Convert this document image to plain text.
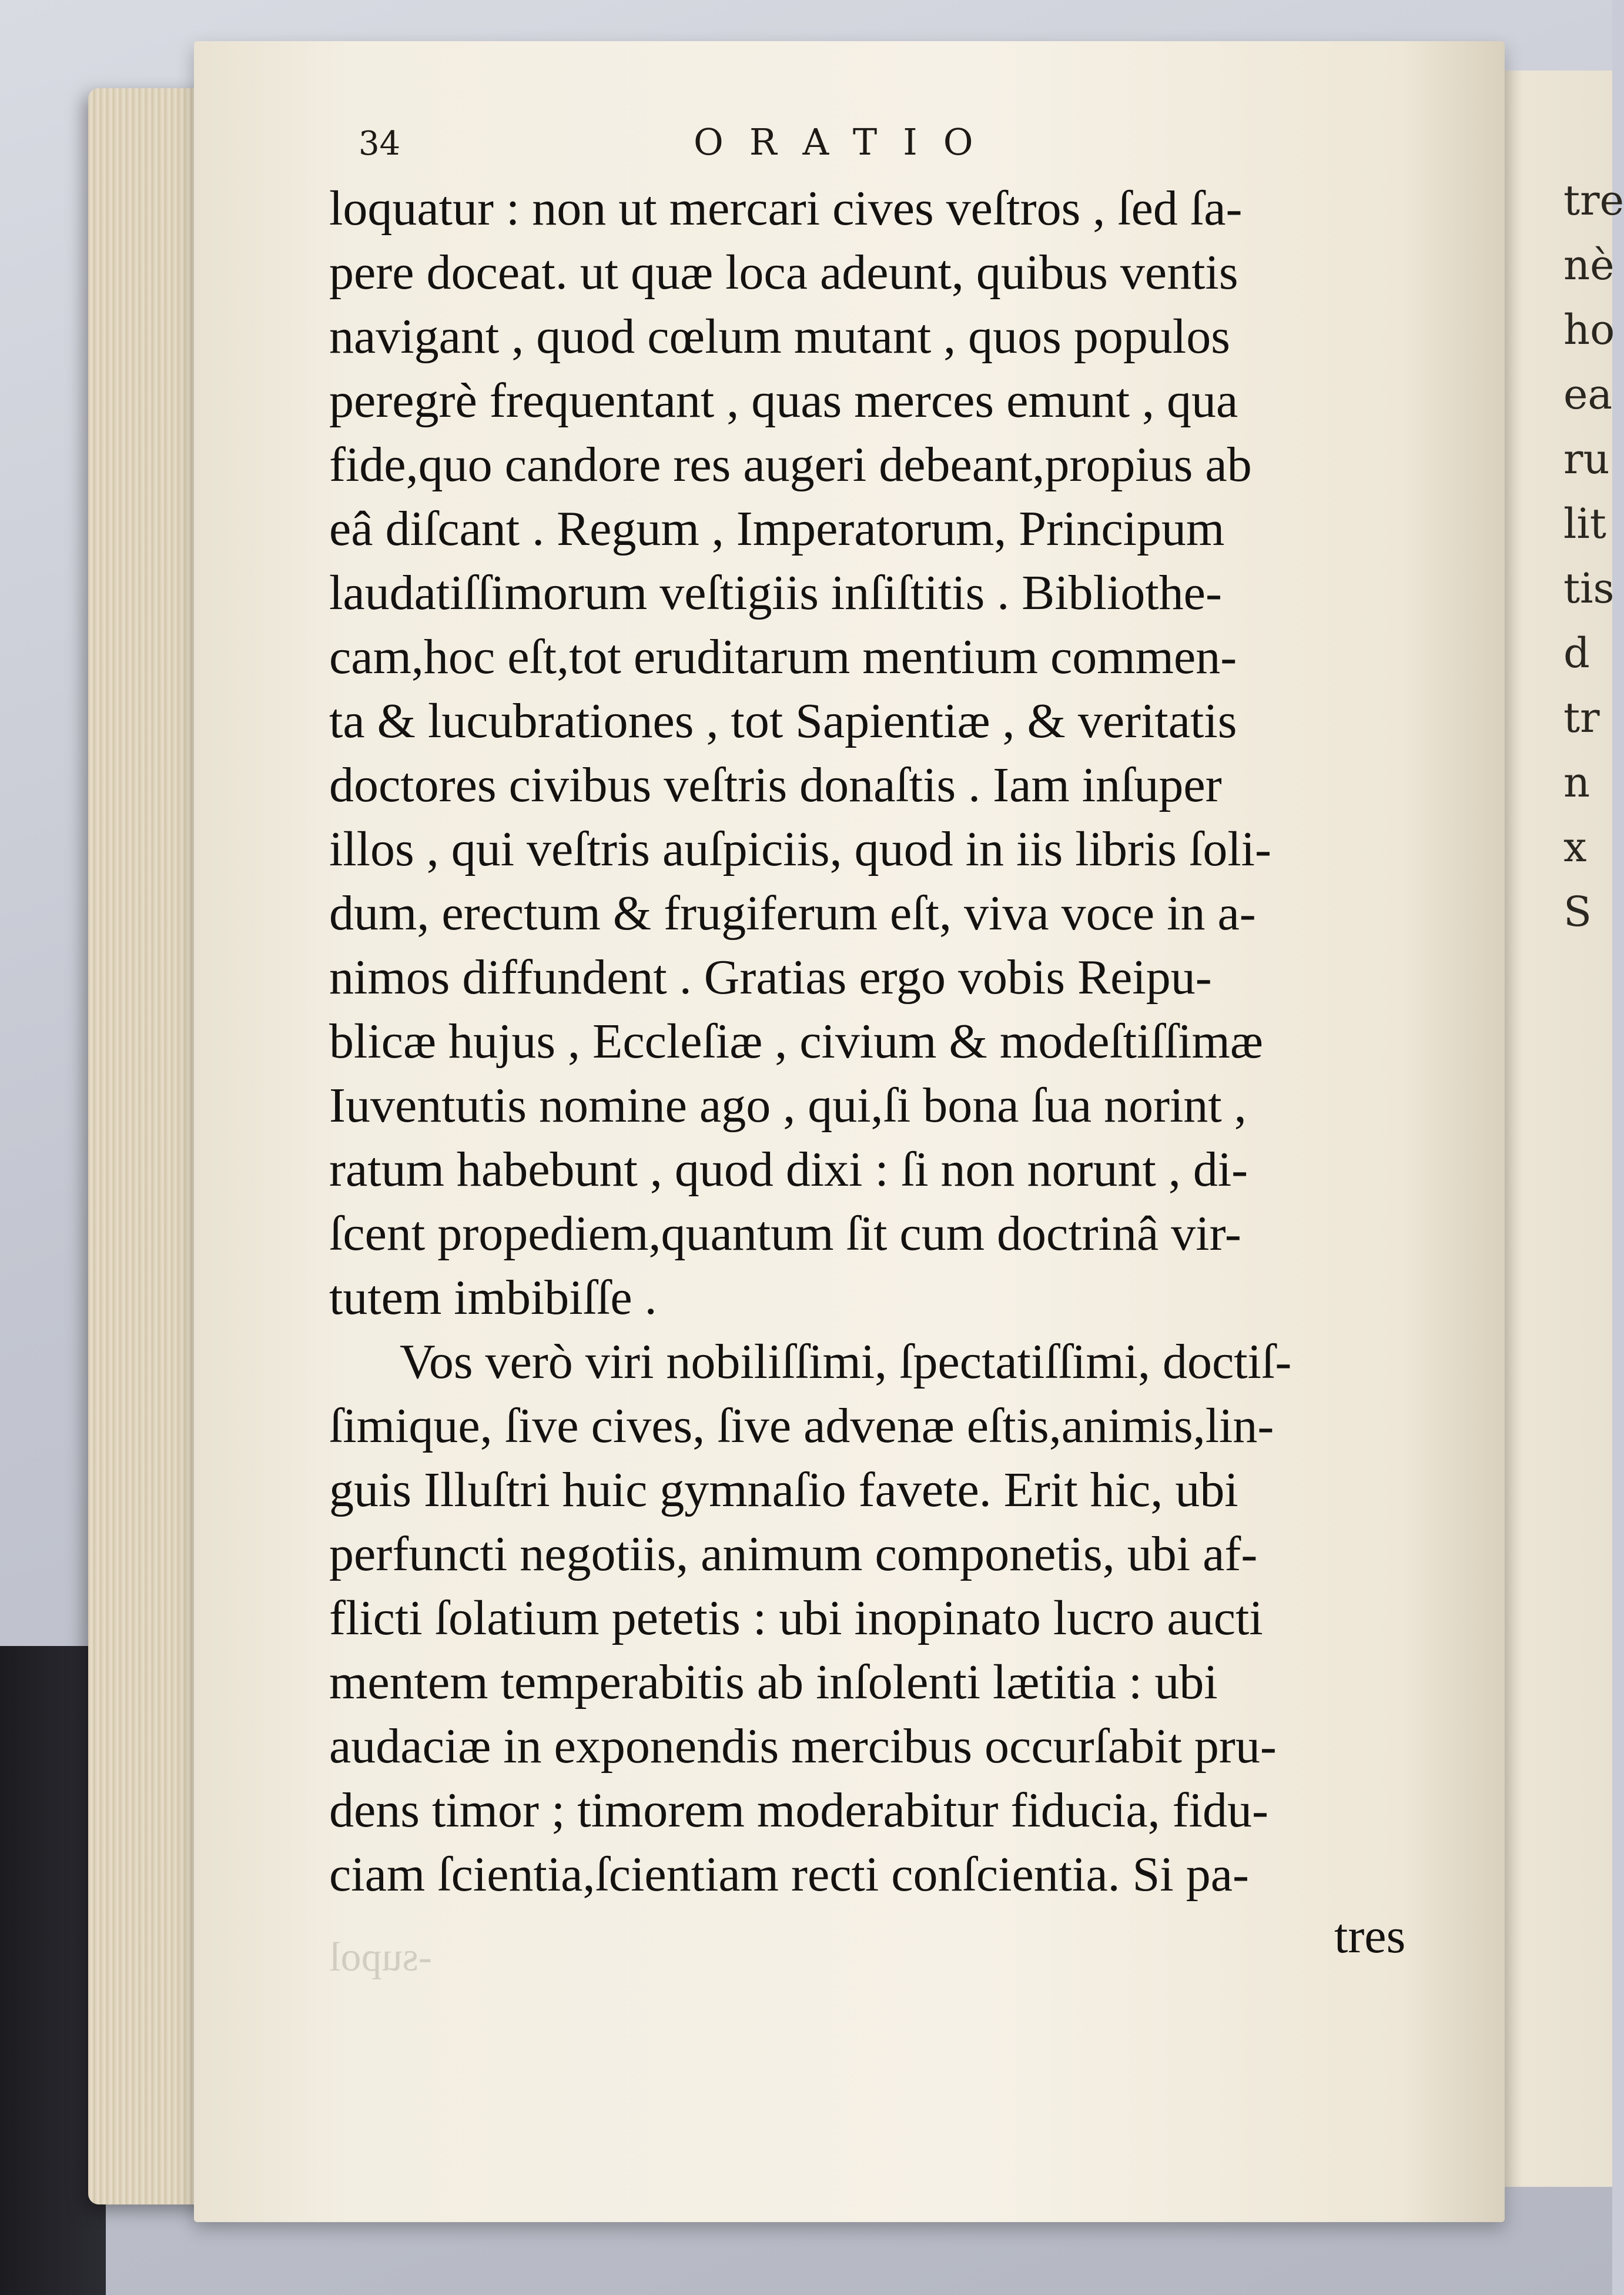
tre
nè
ho
ea
ru
lit
tis
d
tr
n
x
S
34	ORATIO
loquatur : non ut mercari cives veſtros , ſed ſa-
pere doceat. ut quæ loca adeunt, quibus ventis
navigant , quod cœlum mutant , quos populos
peregrè frequentant , quas merces emunt , qua
fide,quo candore res augeri debeant,propius ab
eâ diſcant . Regum , Imperatorum, Principum
laudatiſſimorum veſtigiis inſiſtitis . Bibliothe-
cam,hoc eſt,tot eruditarum mentium commen-
ta & lucubrationes , tot Sapientiæ , & veritatis
doctores civibus veſtris donaſtis . Iam inſuper
illos , qui veſtris auſpiciis, quod in iis libris ſoli-
dum, erectum & frugiferum eſt, viva voce in a-
nimos diffundent . Gratias ergo vobis Reipu-
blicæ hujus , Eccleſiæ , civium & modeſtiſſimæ
Iuventutis nomine ago , qui,ſi bona ſua norint ,
ratum habebunt , quod dixi : ſi non norunt , di-
ſcent propediem,quantum ſit cum doctrinâ vir-
tutem imbibiſſe .
Vos verò viri nobiliſſimi, ſpectatiſſimi, doctiſ-
ſimique, ſive cives, ſive advenæ eſtis,animis,lin-
guis Illuſtri huic gymnaſio favete. Erit hic, ubi
perfuncti negotiis, animum componetis, ubi af-
flicti ſolatium petetis : ubi inopinato lucro aucti
mentem temperabitis ab inſolenti lætitia : ubi
audaciæ in exponendis mercibus occurſabit pru-
dens timor ; timorem moderabitur fiducia, fidu-
ciam ſcientia,ſcientiam recti conſcientia. Si pa-
tres
-supol
